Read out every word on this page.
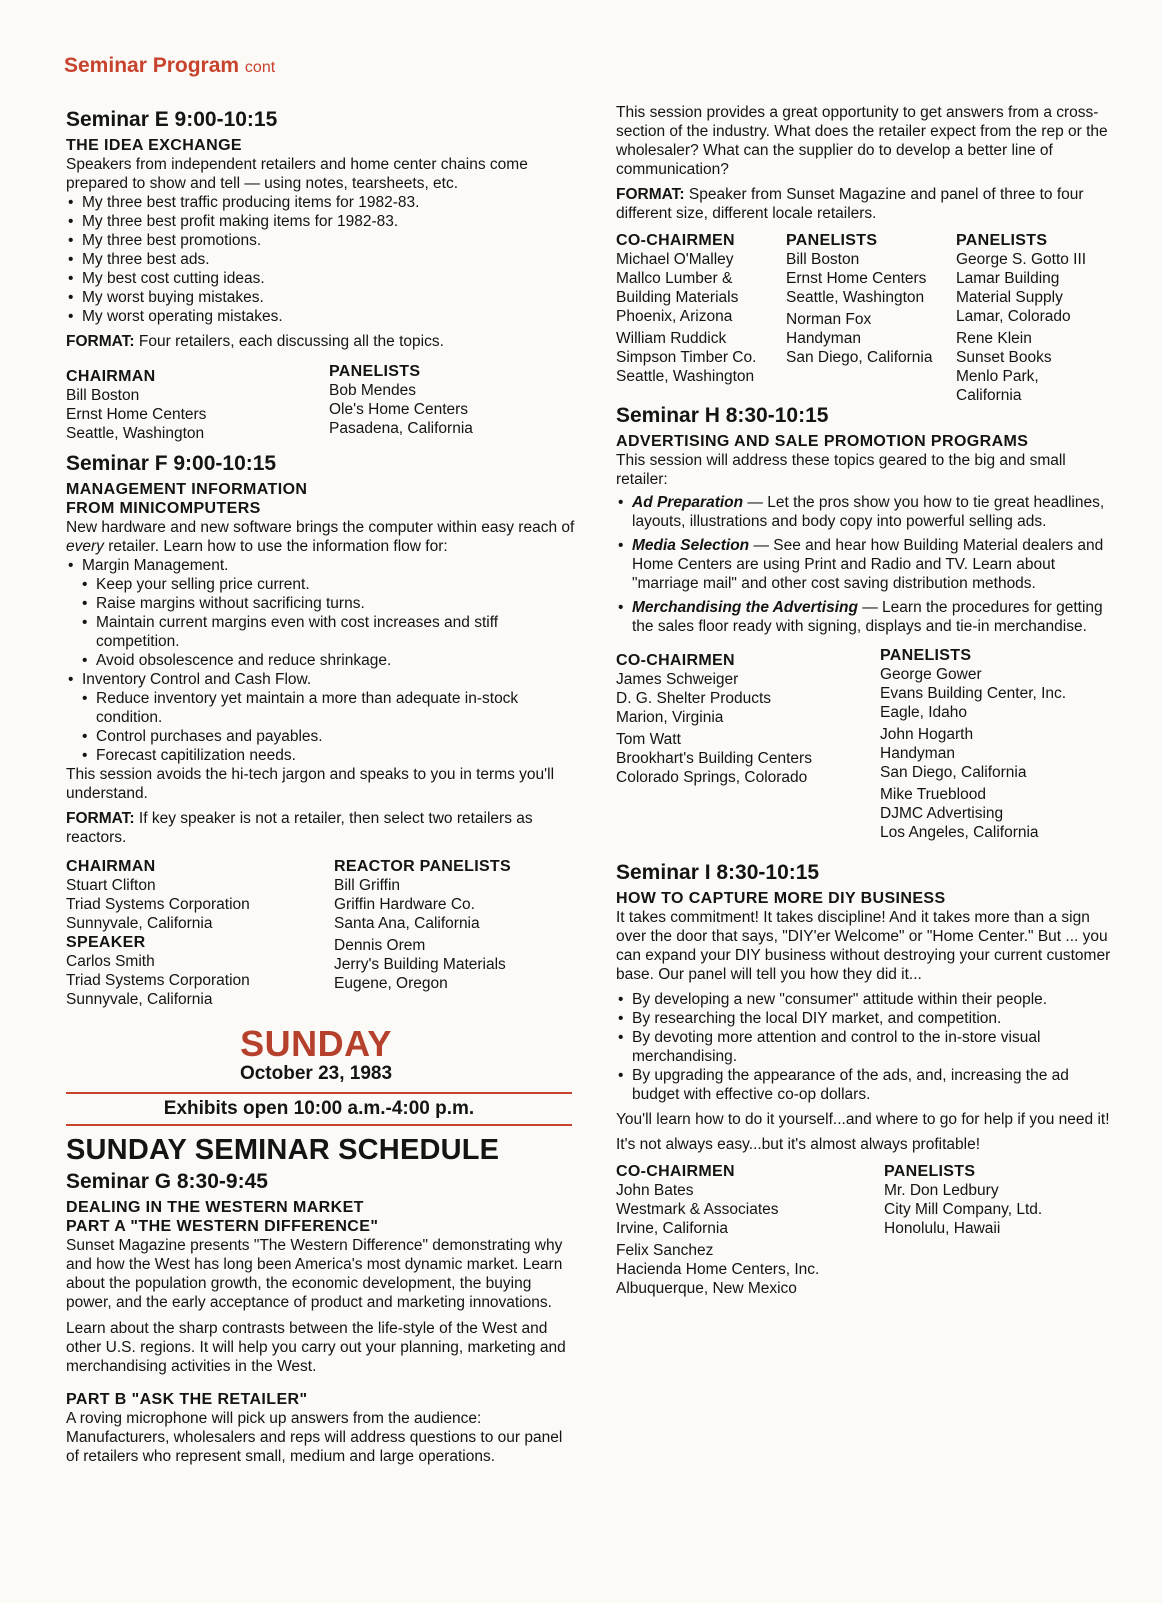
Seminar Program cont
Seminar E 9:00-10:15
THE IDEA EXCHANGE

Speakers from independent retailers and home center chains come prepared to show and tell — using notes, tearsheets, etc.

• My three best traffic producing items for 1982-83.
• My three best profit making items for 1982-83.
• My three best promotions.
• My three best ads.
• My best cost cutting ideas.
• My worst buying mistakes.
• My worst operating mistakes.

FORMAT: Four retailers, each discussing all the topics.

CHAIRMAN
Bill Boston
Ernst Home Centers
Seattle, Washington
PANELISTS
Bob Mendes
Ole's Home Centers
Pasadena, California
Seminar F 9:00-10:15
MANAGEMENT INFORMATION
FROM MINICOMPUTERS

New hardware and new software brings the computer within easy reach of every retailer. Learn how to use the information flow for:

• Margin Management.
• Keep your selling price current.
• Raise margins without sacrificing turns.
• Maintain current margins even with cost increases and stiff competition.
• Avoid obsolescence and reduce shrinkage.
• Inventory Control and Cash Flow.
• Reduce inventory yet maintain a more than adequate in-stock condition.
• Control purchases and payables.
• Forecast capitilization needs.

This session avoids the hi-tech jargon and speaks to you in terms you'll understand.

FORMAT: If key speaker is not a retailer, then select two retailers as reactors.

CHAIRMAN
Stuart Clifton
Triad Systems Corporation
Sunnyvale, California
SPEAKER
Carlos Smith
Triad Systems Corporation
Sunnyvale, California
REACTOR PANELISTS
Bill Griffin
Griffin Hardware Co.
Santa Ana, California
Dennis Orem
Jerry's Building Materials
Eugene, Oregon
SUNDAY
October 23, 1983
Exhibits open 10:00 a.m.-4:00 p.m.
SUNDAY SEMINAR SCHEDULE
Seminar G 8:30-9:45
DEALING IN THE WESTERN MARKET
PART A "THE WESTERN DIFFERENCE"

Sunset Magazine presents "The Western Difference" demonstrating why and how the West has long been America's most dynamic market. Learn about the population growth, the economic development, the buying power, and the early acceptance of product and marketing innovations.

Learn about the sharp contrasts between the life-style of the West and other U.S. regions. It will help you carry out your planning, marketing and merchandising activities in the West.

PART B "ASK THE RETAILER"

A roving microphone will pick up answers from the audience: Manufacturers, wholesalers and reps will address questions to our panel of retailers who represent small, medium and large operations.

This session provides a great opportunity to get answers from a cross-section of the industry. What does the retailer expect from the rep or the wholesaler? What can the supplier do to develop a better line of communication?

FORMAT: Speaker from Sunset Magazine and panel of three to four different size, different locale retailers.

CO-CHAIRMEN
Michael O'Malley
Mallco Lumber &
Building Materials
Phoenix, Arizona
William Ruddick
Simpson Timber Co.
Seattle, Washington
PANELISTS
Bill Boston
Ernst Home Centers
Seattle, Washington
Norman Fox
Handyman
San Diego, California
PANELISTS
George S. Gotto III
Lamar Building
Material Supply
Lamar, Colorado
Rene Klein
Sunset Books
Menlo Park,
California
Seminar H 8:30-10:15
ADVERTISING AND SALE PROMOTION PROGRAMS

This session will address these topics geared to the big and small retailer:

• Ad Preparation — Let the pros show you how to tie great headlines, layouts, illustrations and body copy into powerful selling ads.
• Media Selection — See and hear how Building Material dealers and Home Centers are using Print and Radio and TV. Learn about "marriage mail" and other cost saving distribution methods.
• Merchandising the Advertising — Learn the procedures for getting the sales floor ready with signing, displays and tie-in merchandise.
CO-CHAIRMEN
James Schweiger
D. G. Shelter Products
Marion, Virginia
Tom Watt
Brookhart's Building Centers
Colorado Springs, Colorado
PANELISTS
George Gower
Evans Building Center, Inc.
Eagle, Idaho
John Hogarth
Handyman
San Diego, California
Mike Trueblood
DJMC Advertising
Los Angeles, California
Seminar I 8:30-10:15
HOW TO CAPTURE MORE DIY BUSINESS

It takes commitment! It takes discipline! And it takes more than a sign over the door that says, "DIY'er Welcome" or "Home Center." But ... you can expand your DIY business without destroying your current customer base. Our panel will tell you how they did it...

• By developing a new "consumer" attitude within their people.
• By researching the local DIY market, and competition.
• By devoting more attention and control to the in-store visual merchandising.
• By upgrading the appearance of the ads, and, increasing the ad budget with effective co-op dollars.

You'll learn how to do it yourself...and where to go for help if you need it!

It's not always easy...but it's almost always profitable!

CO-CHAIRMEN
John Bates
Westmark & Associates
Irvine, California
Felix Sanchez
Hacienda Home Centers, Inc.
Albuquerque, New Mexico
PANELISTS
Mr. Don Ledbury
City Mill Company, Ltd.
Honolulu, Hawaii
